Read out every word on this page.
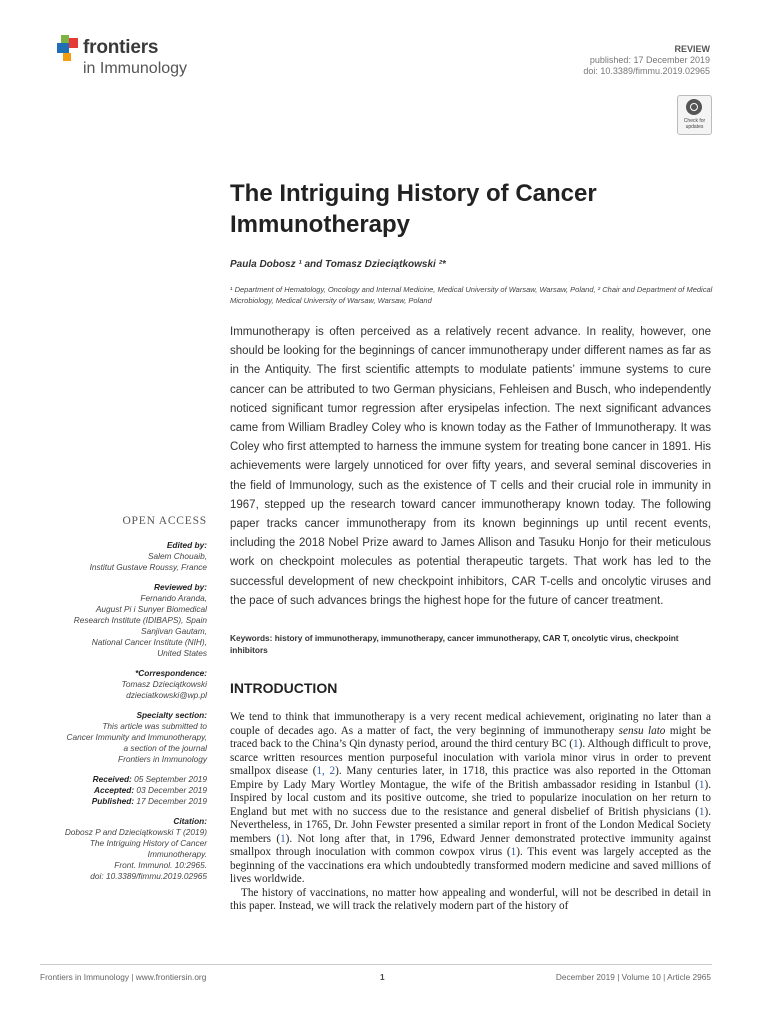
frontiers
in Immunology
REVIEW
published: 17 December 2019
doi: 10.3389/fimmu.2019.02965
Check for
updates
The Intriguing History of Cancer Immunotherapy
Paula Dobosz ¹ and Tomasz Dzieciątkowski ²*
¹ Department of Hematology, Oncology and Internal Medicine, Medical University of Warsaw, Warsaw, Poland, ² Chair and Department of Medical Microbiology, Medical University of Warsaw, Warsaw, Poland

Immunotherapy is often perceived as a relatively recent advance. In reality, however, one should be looking for the beginnings of cancer immunotherapy under different names as far as in the Antiquity. The first scientific attempts to modulate patients’ immune systems to cure cancer can be attributed to two German physicians, Fehleisen and Busch, who independently noticed significant tumor regression after erysipelas infection. The next significant advances came from William Bradley Coley who is known today as the Father of Immunotherapy. It was Coley who first attempted to harness the immune system for treating bone cancer in 1891. His achievements were largely unnoticed for over fifty years, and several seminal discoveries in the field of Immunology, such as the existence of T cells and their crucial role in immunity in 1967, stepped up the research toward cancer immunotherapy known today. The following paper tracks cancer immunotherapy from its known beginnings up until recent events, including the 2018 Nobel Prize award to James Allison and Tasuku Honjo for their meticulous work on checkpoint molecules as potential therapeutic targets. That work has led to the successful development of new checkpoint inhibitors, CAR T-cells and oncolytic viruses and the pace of such advances brings the highest hope for the future of cancer treatment.

Keywords: history of immunotherapy, immunotherapy, cancer immunotherapy, CAR T, oncolytic virus, checkpoint inhibitors
OPEN ACCESS
Edited by:
Salem Chouaib,
Institut Gustave Roussy, France
Reviewed by:
Fernando Aranda,
August Pi i Sunyer Biomedical
Research Institute (IDIBAPS), Spain
Sanjivan Gautam,
National Cancer Institute (NIH),
United States
*Correspondence:
Tomasz Dzieciątkowski
dzieciatkowski@wp.pl
Specialty section:
This article was submitted to
Cancer Immunity and Immunotherapy,
a section of the journal
Frontiers in Immunology
Received: 05 September 2019
Accepted: 03 December 2019
Published: 17 December 2019
Citation:
Dobosz P and Dzieciątkowski T (2019)
The Intriguing History of Cancer
Immunotherapy.
Front. Immunol. 10:2965.
doi: 10.3389/fimmu.2019.02965
INTRODUCTION

We tend to think that immunotherapy is a very recent medical achievement, originating no later than a couple of decades ago. As a matter of fact, the very beginning of immunotherapy sensu lato might be traced back to the China’s Qin dynasty period, around the third century BC (1). Although difficult to prove, scarce written resources mention purposeful inoculation with variola minor virus in order to prevent smallpox disease (1, 2). Many centuries later, in 1718, this practice was also reported in the Ottoman Empire by Lady Mary Wortley Montague, the wife of the British ambassador residing in Istanbul (1). Inspired by local custom and its positive outcome, she tried to popularize inoculation on her return to England but met with no success due to the resistance and general disbelief of British physicians (1). Nevertheless, in 1765, Dr. John Fewster presented a similar report in front of the London Medical Society members (1). Not long after that, in 1796, Edward Jenner demonstrated protective immunity against smallpox through inoculation with common cowpox virus (1). This event was largely accepted as the beginning of the vaccinations era which undoubtedly transformed modern medicine and saved millions of lives worldwide.

The history of vaccinations, no matter how appealing and wonderful, will not be described in detail in this paper. Instead, we will track the relatively modern part of the history of

Frontiers in Immunology | www.frontiersin.org	1	December 2019 | Volume 10 | Article 2965
